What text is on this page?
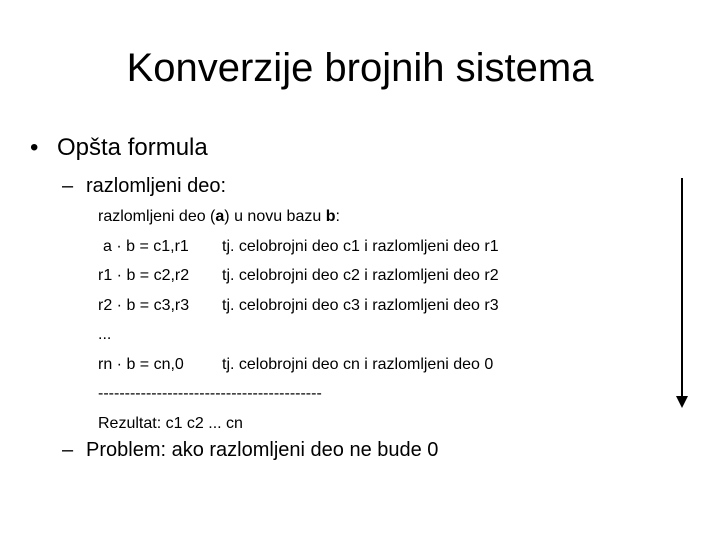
Konverzije brojnih sistema
• Opšta formula
– razlomljeni deo:
razlomljeni deo (a) u novu bazu b:
a · b = c1,r1 tj. celobrojni deo c1 i razlomljeni deo r1
r1 · b = c2,r2 tj. celobrojni deo c2 i razlomljeni deo r2
r2 · b = c3,r3 tj. celobrojni deo c3 i razlomljeni deo r3
...
rn · b = cn,0 tj. celobrojni deo cn i razlomljeni deo 0
------------------------------------------
Rezultat: c1 c2 ... cn
– Problem: ako razlomljeni deo ne bude 0
